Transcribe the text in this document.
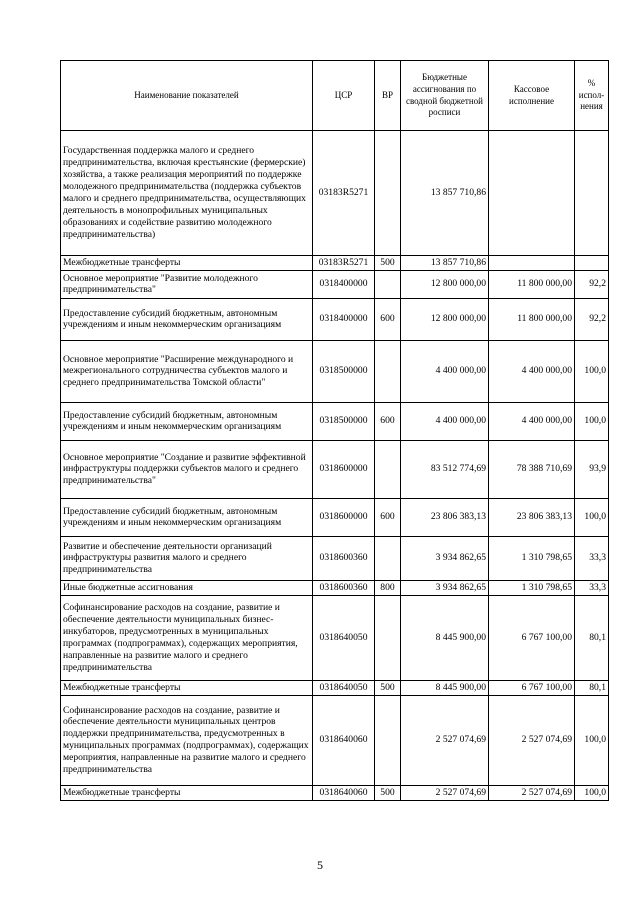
Наименование показателей	ЦСР	ВР	Бюджетные ассигнования по сводной бюджетной росписи	Кассовое исполнение	% испол-нения
Государственная поддержка малого и среднего предпринимательства, включая крестьянские (фермерские) хозяйства, а также реализация мероприятий по поддержке молодежного предпринимательства (поддержка субъектов малого и среднего предпринимательства, осуществляющих деятельность в монопрофильных муниципальных образованиях и содействие развитию молодежного предпринимательства)	03183R5271		13 857 710,86		
Межбюджетные трансферты	03183R5271	500	13 857 710,86		
Основное мероприятие "Развитие молодежного предпринимательства"	0318400000		12 800 000,00	11 800 000,00	92,2
Предоставление субсидий бюджетным, автономным учреждениям и иным некоммерческим организациям	0318400000	600	12 800 000,00	11 800 000,00	92,2
Основное мероприятие "Расширение международного и межрегионального сотрудничества субъектов малого и среднего предпринимательства Томской области"	0318500000		4 400 000,00	4 400 000,00	100,0
Предоставление субсидий бюджетным, автономным учреждениям и иным некоммерческим организациям	0318500000	600	4 400 000,00	4 400 000,00	100,0
Основное мероприятие "Создание и развитие эффективной инфраструктуры поддержки субъектов малого и среднего предпринимательства"	0318600000		83 512 774,69	78 388 710,69	93,9
Предоставление субсидий бюджетным, автономным учреждениям и иным некоммерческим организациям	0318600000	600	23 806 383,13	23 806 383,13	100,0
Развитие и обеспечение деятельности организаций инфраструктуры развития малого и среднего предпринимательства	0318600360		3 934 862,65	1 310 798,65	33,3
Иные бюджетные ассигнования	0318600360	800	3 934 862,65	1 310 798,65	33,3
Софинансирование расходов на создание, развитие и обеспечение деятельности муниципальных бизнес-инкубаторов, предусмотренных в муниципальных программах (подпрограммах), содержащих мероприятия, направленные на развитие малого и среднего предпринимательства	0318640050		8 445 900,00	6 767 100,00	80,1
Межбюджетные трансферты	0318640050	500	8 445 900,00	6 767 100,00	80,1
Софинансирование расходов на создание, развитие и обеспечение деятельности муниципальных центров поддержки предпринимательства, предусмотренных в муниципальных программах (подпрограммах), содержащих мероприятия, направленные на развитие малого и среднего предпринимательства	0318640060		2 527 074,69	2 527 074,69	100,0
Межбюджетные трансферты	0318640060	500	2 527 074,69	2 527 074,69	100,0
5
